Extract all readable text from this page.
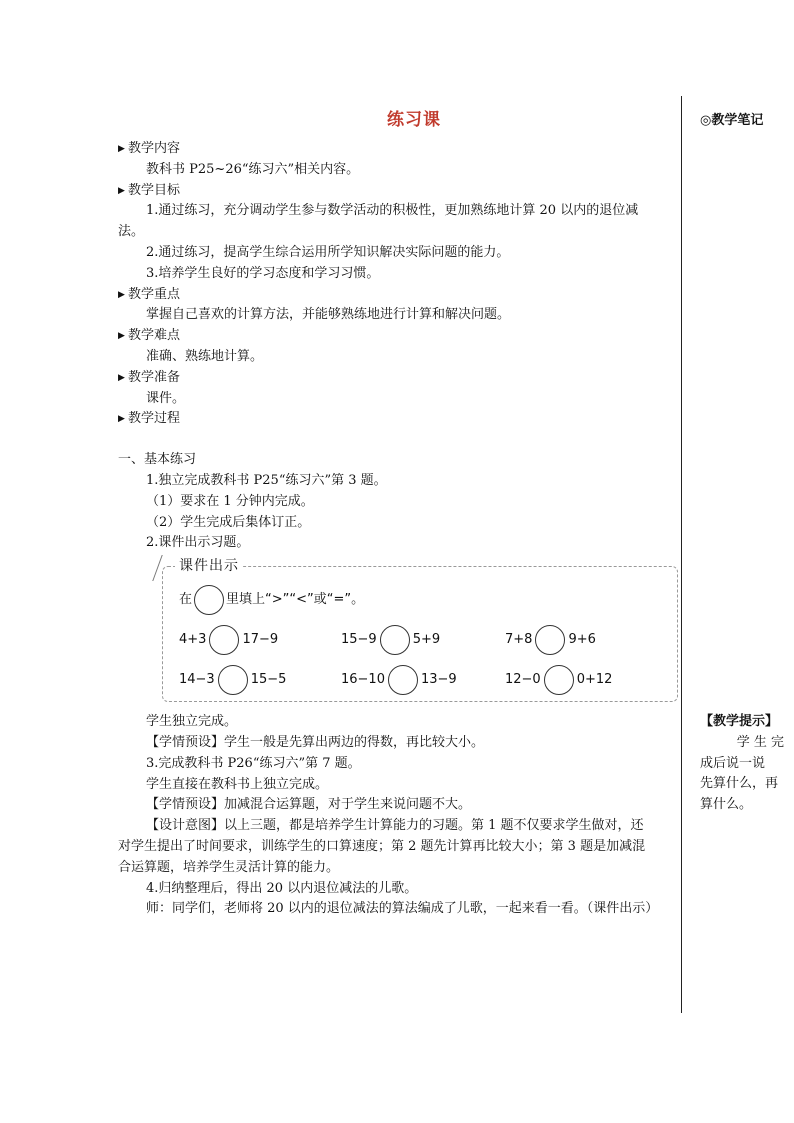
练习课	◎教学笔记

▶ 教学内容

教科书 P25~26“练习六”相关内容。

▶ 教学目标

1.通过练习，充分调动学生参与数学活动的积极性，更加熟练地计算 20 以内的退位减

法。

2.通过练习，提高学生综合运用所学知识解决实际问题的能力。

3.培养学生良好的学习态度和学习习惯。

▶ 教学重点

掌握自己喜欢的计算方法，并能够熟练地进行计算和解决问题。

▶ 教学难点

准确、熟练地计算。

▶ 教学准备

课件。

▶ 教学过程

一、基本练习

1.独立完成教科书 P25“练习六”第 3 题。

（1）要求在 1 分钟内完成。

（2）学生完成后集体订正。

2.课件出示习题。

课件出示
在	里填上“>”“<”或“=”。
4+3	17−9	15−9	5+9	7+8	9+6
14−3	15−5	16−10	13−9	12−0	0+12

学生独立完成。

【学情预设】学生一般是先算出两边的得数，再比较大小。

3.完成教科书 P26“练习六”第 7 题。

学生直接在教科书上独立完成。

【学情预设】加减混合运算题，对于学生来说问题不大。

【设计意图】以上三题，都是培养学生计算能力的习题。第 1 题不仅要求学生做对，还

对学生提出了时间要求，训练学生的口算速度；第 2 题先计算再比较大小；第 3 题是加减混

合运算题，培养学生灵活计算的能力。

4.归纳整理后，得出 20 以内退位减法的儿歌。

师：同学们，老师将 20 以内的退位减法的算法编成了儿歌，一起来看一看。（课件出示）

【教学提示】

学 生 完

成后说一说

先算什么，再

算什么。
